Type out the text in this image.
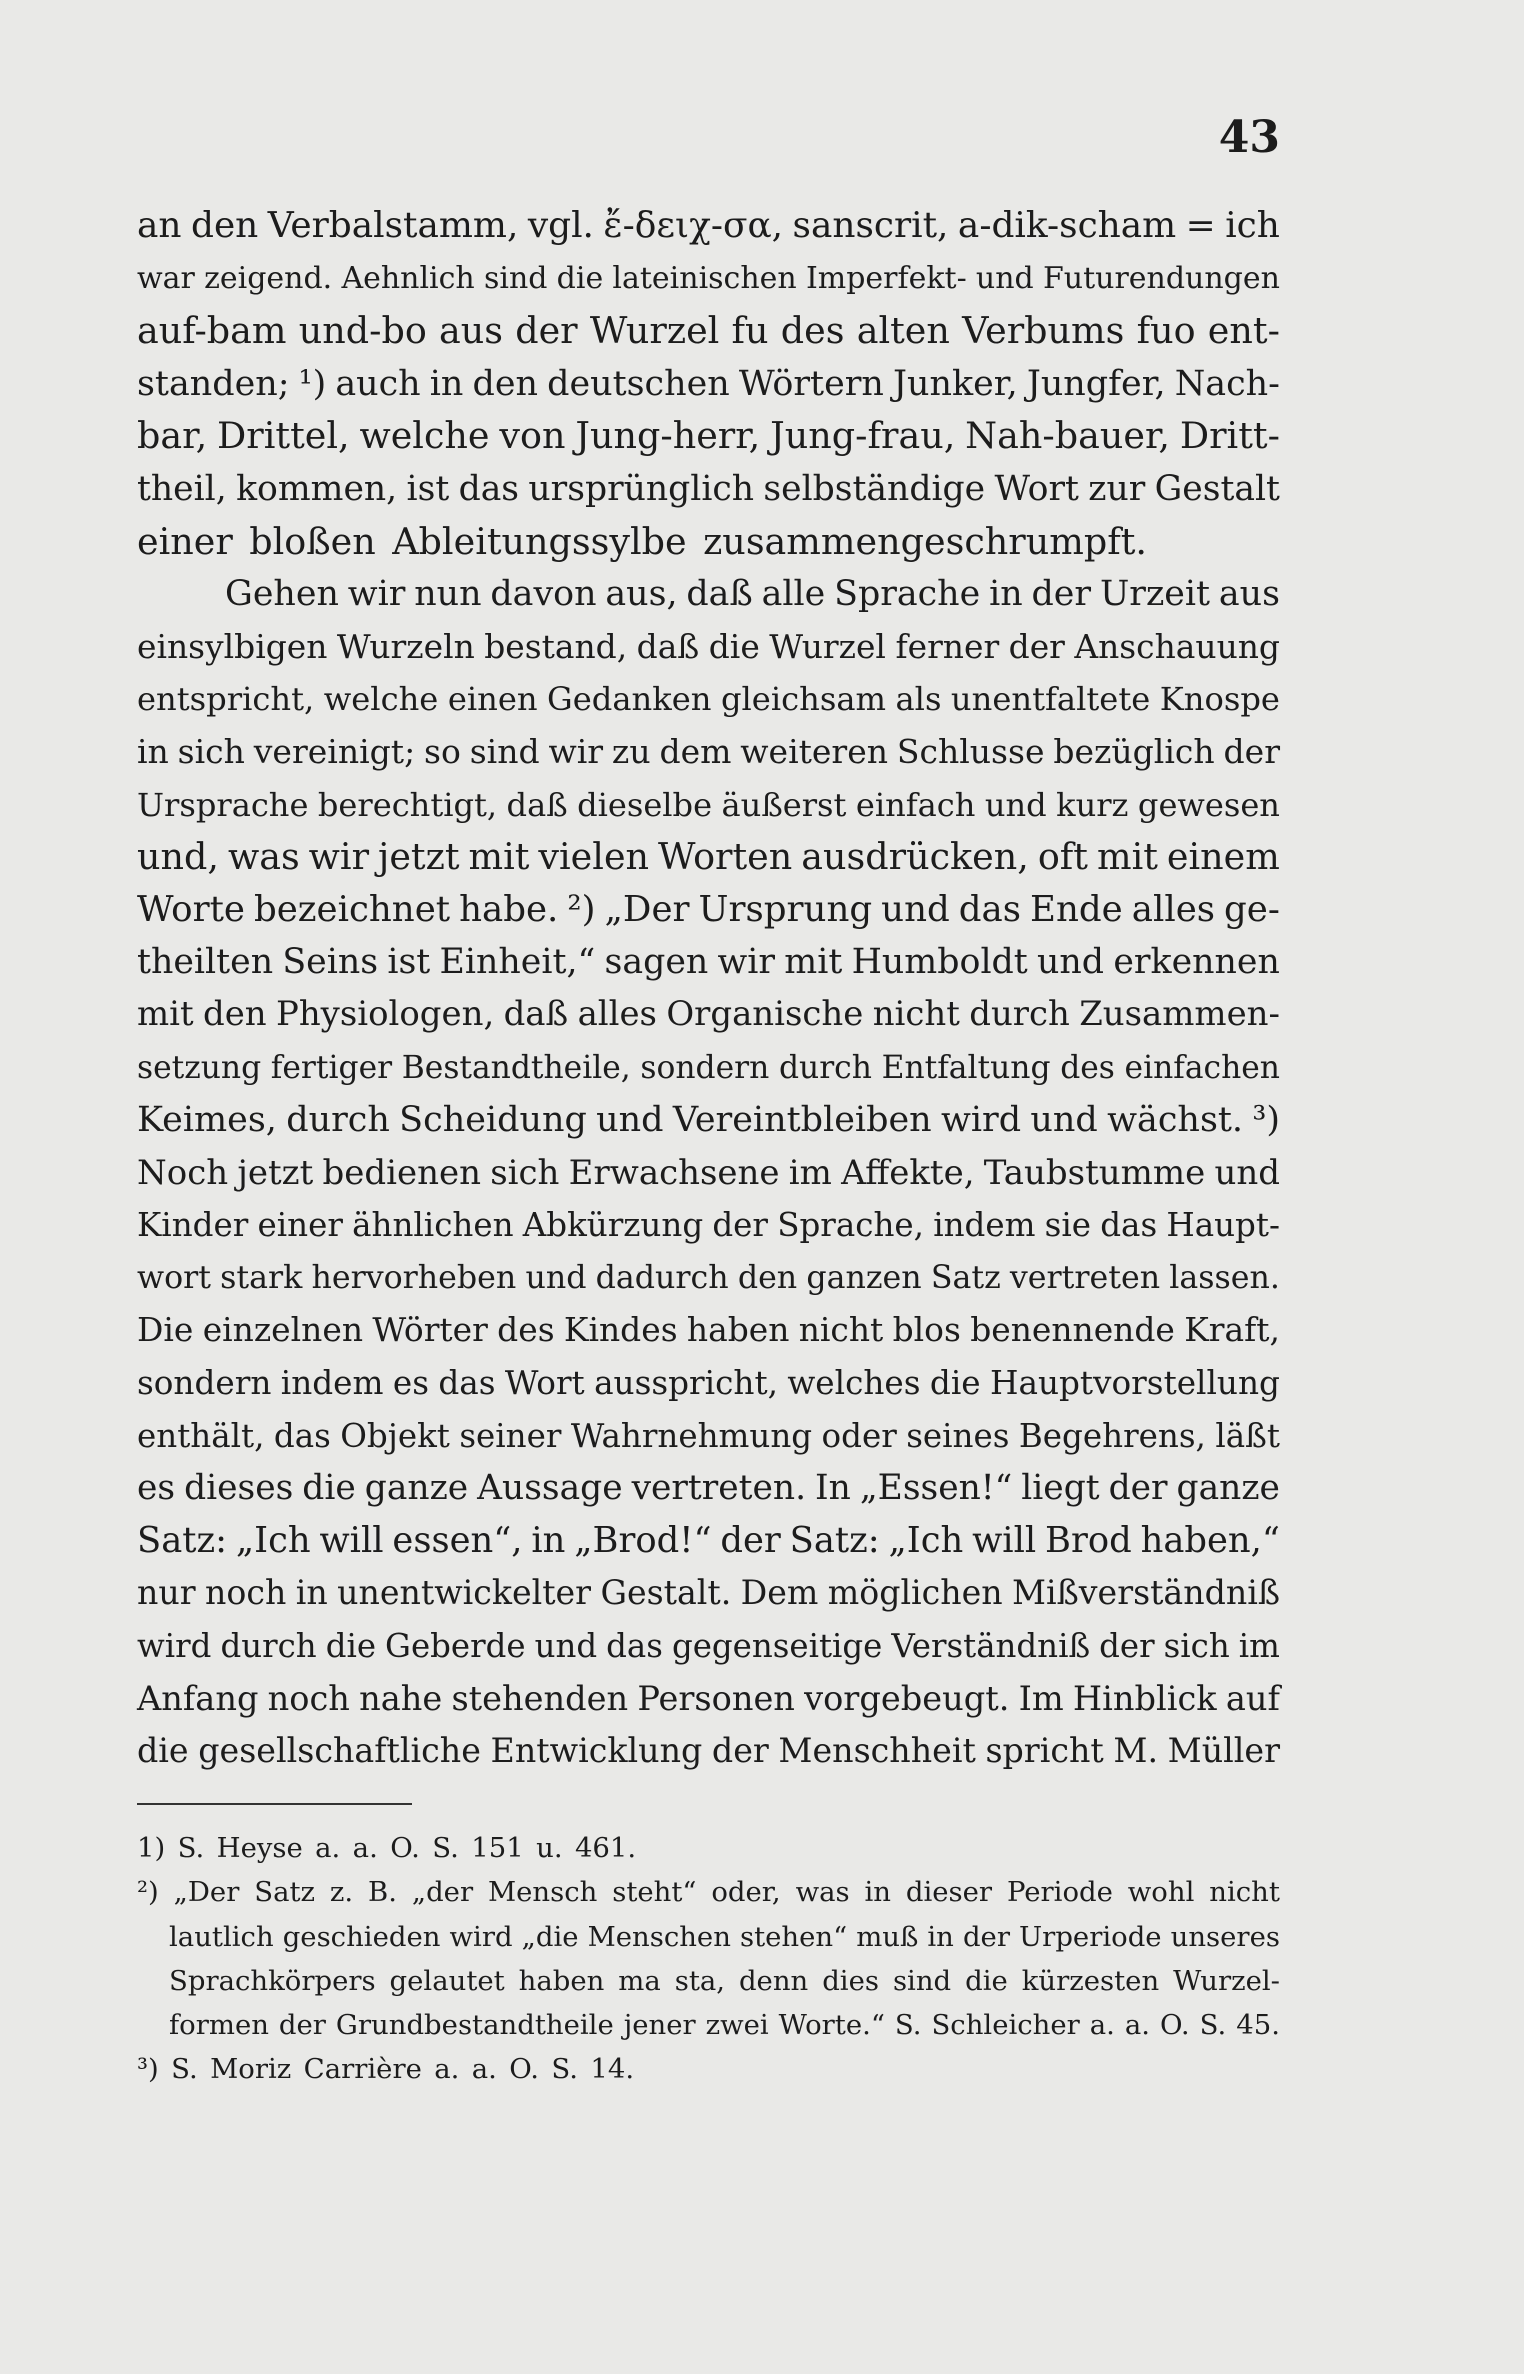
43
an den Verbalstamm, vgl. ἔ-δειχ-σα, sanscrit, a-dik-scham = ich
war zeigend. Aehnlich sind die lateinischen Imperfekt- und Futurendungen
auf-bam und-bo aus der Wurzel fu des alten Verbums fuo ent-
standen; ¹) auch in den deutschen Wörtern Junker, Jungfer, Nach-
bar, Drittel, welche von Jung-herr, Jung-frau, Nah-bauer, Dritt-
theil, kommen, ist das ursprünglich selbständige Wort zur Gestalt
einer bloßen Ableitungssylbe zusammengeschrumpft.
Gehen wir nun davon aus, daß alle Sprache in der Urzeit aus
einsylbigen Wurzeln bestand, daß die Wurzel ferner der Anschauung
entspricht, welche einen Gedanken gleichsam als unentfaltete Knospe
in sich vereinigt; so sind wir zu dem weiteren Schlusse bezüglich der
Ursprache berechtigt, daß dieselbe äußerst einfach und kurz gewesen
und, was wir jetzt mit vielen Worten ausdrücken, oft mit einem
Worte bezeichnet habe. ²) „Der Ursprung und das Ende alles ge-
theilten Seins ist Einheit,“ sagen wir mit Humboldt und erkennen
mit den Physiologen, daß alles Organische nicht durch Zusammen-
setzung fertiger Bestandtheile, sondern durch Entfaltung des einfachen
Keimes, durch Scheidung und Vereintbleiben wird und wächst. ³)
Noch jetzt bedienen sich Erwachsene im Affekte, Taubstumme und
Kinder einer ähnlichen Abkürzung der Sprache, indem sie das Haupt-
wort stark hervorheben und dadurch den ganzen Satz vertreten lassen.
Die einzelnen Wörter des Kindes haben nicht blos benennende Kraft,
sondern indem es das Wort ausspricht, welches die Hauptvorstellung
enthält, das Objekt seiner Wahrnehmung oder seines Begehrens, läßt
es dieses die ganze Aussage vertreten. In „Essen!“ liegt der ganze
Satz: „Ich will essen“, in „Brod!“ der Satz: „Ich will Brod haben,“
nur noch in unentwickelter Gestalt. Dem möglichen Mißverständniß
wird durch die Geberde und das gegenseitige Verständniß der sich im
Anfang noch nahe stehenden Personen vorgebeugt. Im Hinblick auf
die gesellschaftliche Entwicklung der Menschheit spricht M. Müller
1) S. Heyse a. a. O. S. 151 u. 461.
²) „Der Satz z. B. „der Mensch steht“ oder, was in dieser Periode wohl nicht
lautlich geschieden wird „die Menschen stehen“ muß in der Urperiode unseres
Sprachkörpers gelautet haben ma sta, denn dies sind die kürzesten Wurzel-
formen der Grundbestandtheile jener zwei Worte.“ S. Schleicher a. a. O. S. 45.
³) S. Moriz Carrière a. a. O. S. 14.
